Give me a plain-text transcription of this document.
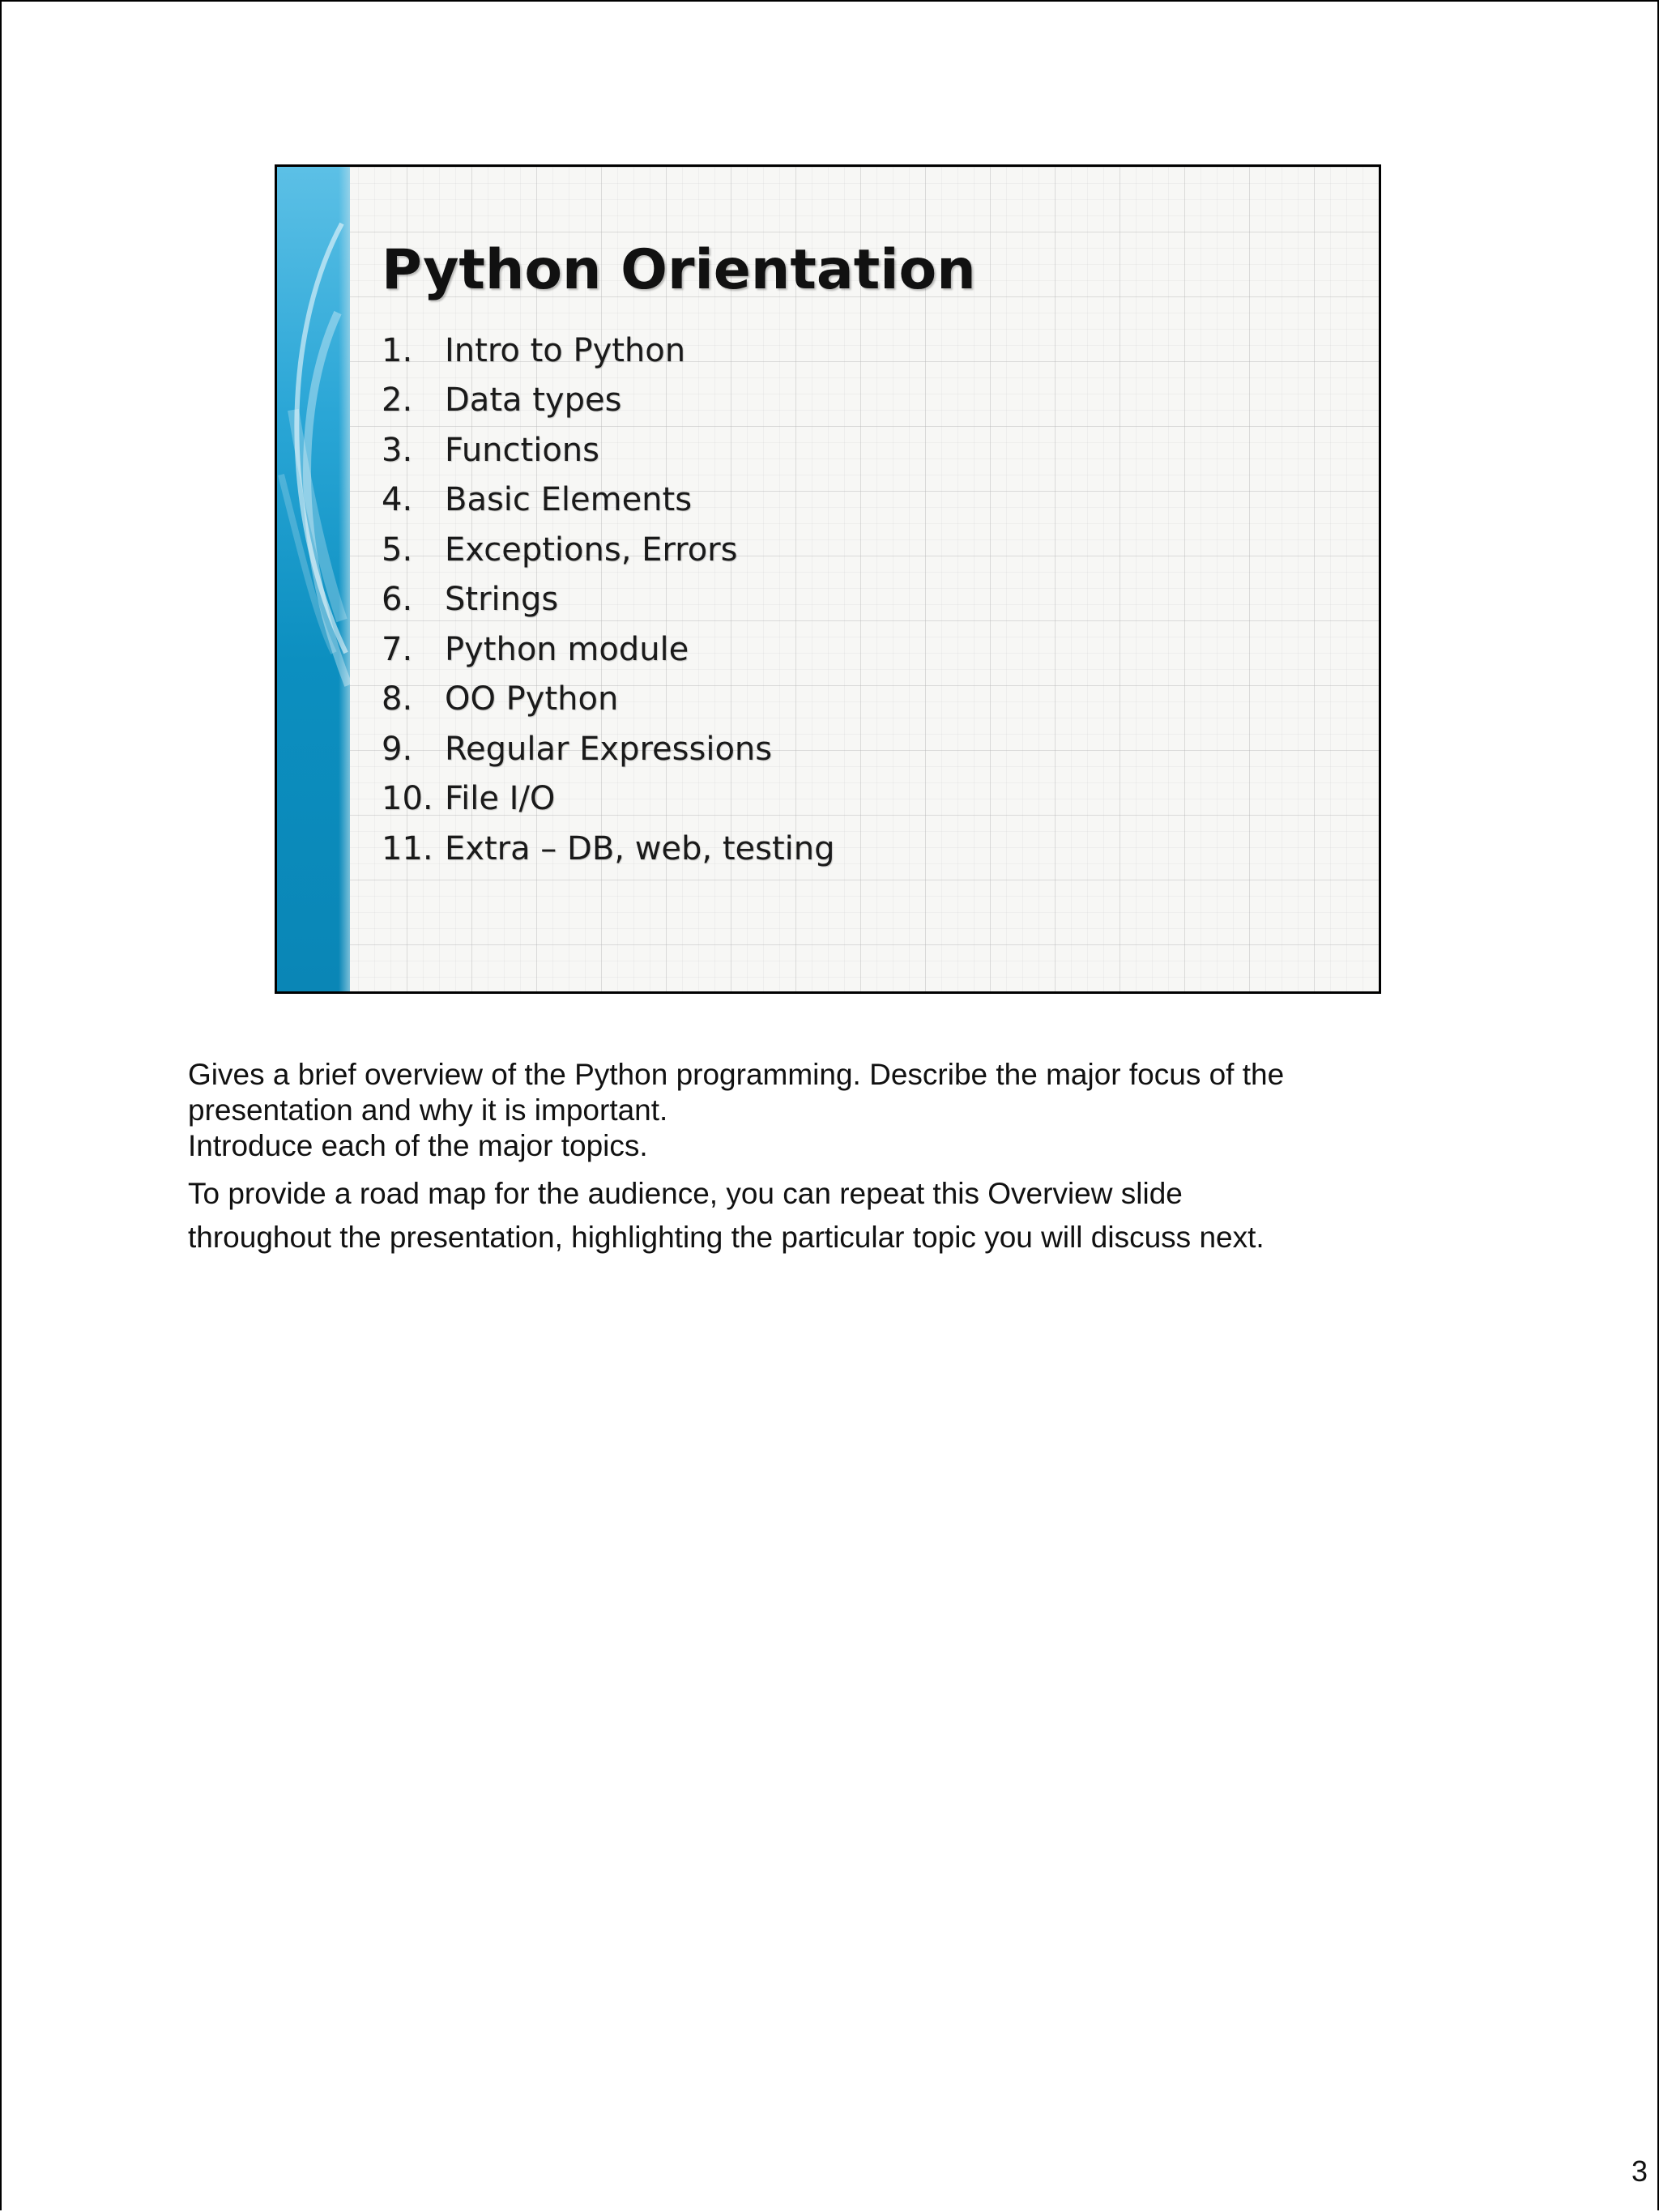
Python Orientation
1. Intro to Python
2. Data types
3. Functions
4. Basic Elements
5. Exceptions, Errors
6. Strings
7. Python module
8. OO Python
9. Regular Expressions
10. File I/O
11. Extra – DB, web, testing

Gives a brief overview of the Python programming. Describe the major focus of the

presentation and why it is important.

Introduce each of the major topics.

To provide a road map for the audience, you can repeat this Overview slide

throughout the presentation, highlighting the particular topic you will discuss next.

3
